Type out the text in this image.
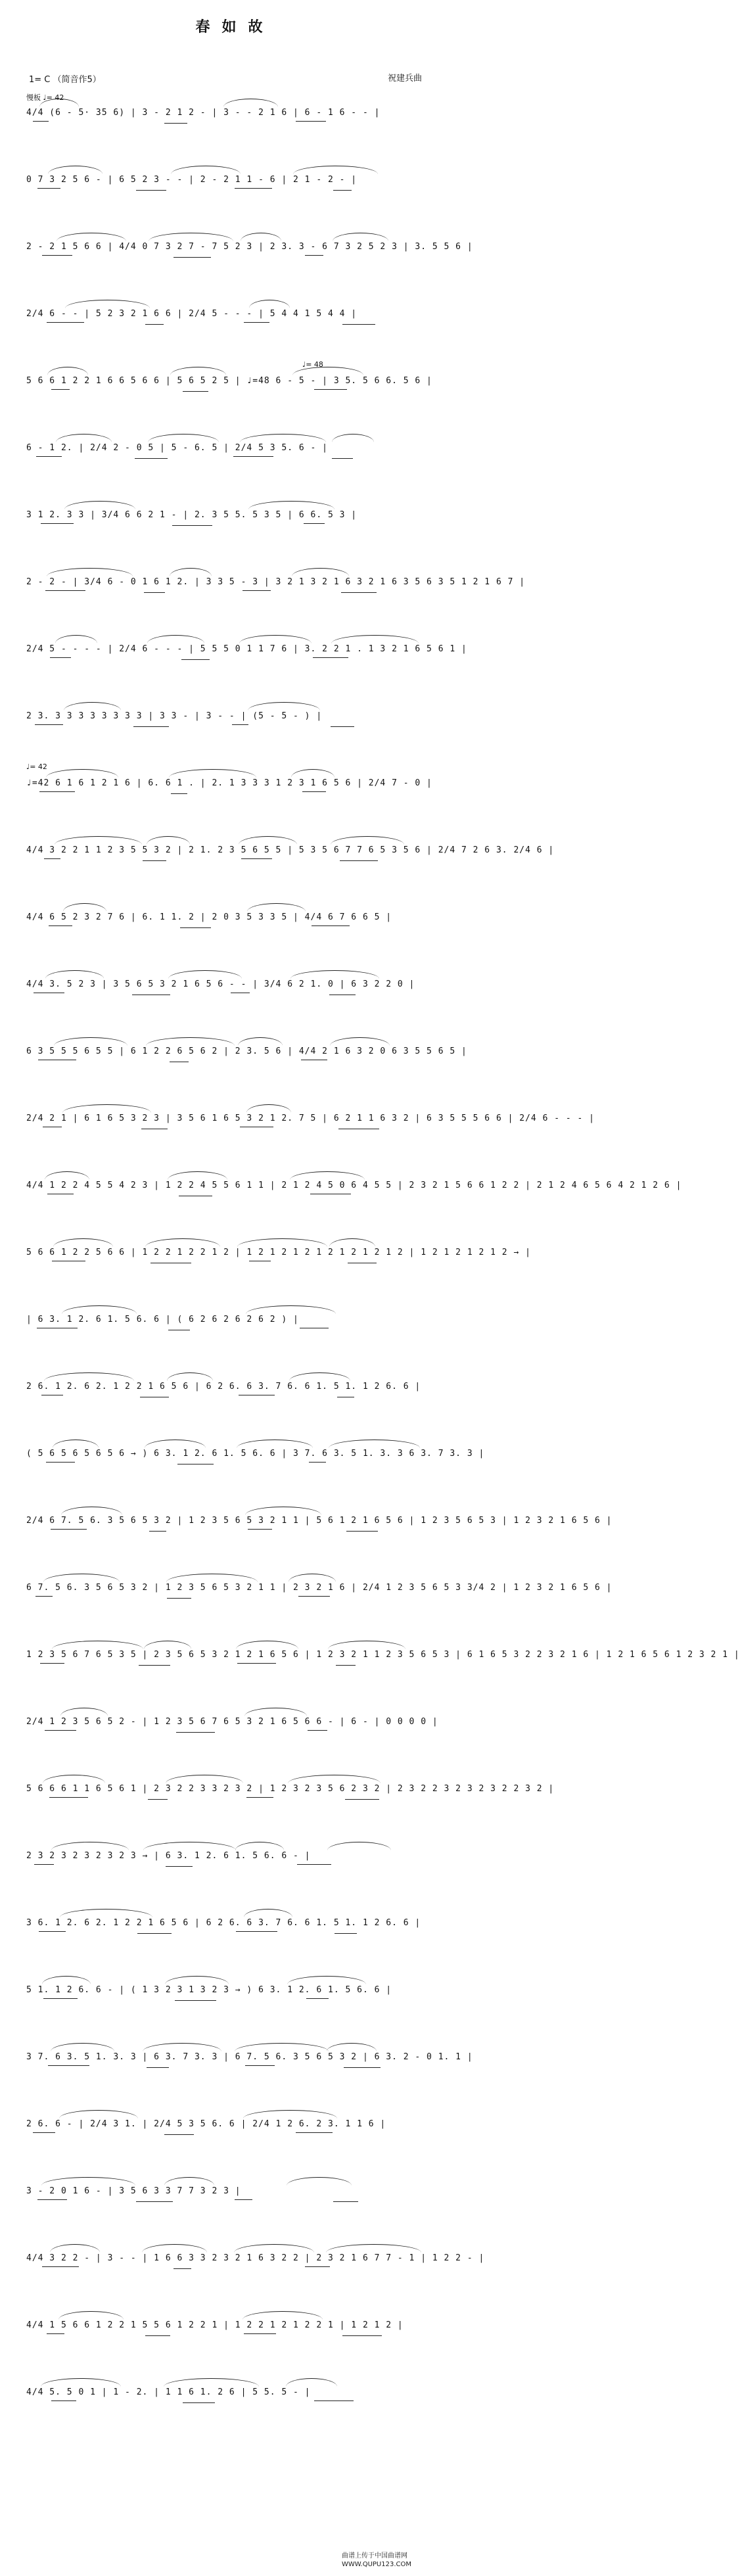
春如故
1= C （简音作5）	祝建兵曲
慢板 ♩= 42
4/4 (6 - 5· 35 6) | 3 - 2 1 2 - | 3 - - 2 1 6 | 6 - 1 6 - - |
0 7 3 2 5 6 - | 6 5 2 3 - - | 2 - 2 1 1 - 6 | 2 1 - 2 - |
2 - 2 1 5 6 6 | 4/4 0 7 3 2 7 - 7 5 2 3 | 2 3. 3 - 6 7 3 2 5 2 3 | 3. 5 5 6 |
2/4 6 - - | 5 2 3 2 1 6 6 | 2/4 5 - - - | 5 4 4 1 5 4 4 |
♩= 48
5 6 6 1 2 2 1 6 6 5 6 6 | 5 6 5 2 5 | ♩=48 6 - 5 - | 3 5. 5 6 6. 5 6 |
6 - 1 2. | 2/4 2 - 0 5 | 5 - 6. 5 | 2/4 5 3 5. 6 - |
3 1 2. 3 3 | 3/4 6 6 2 1 - | 2. 3 5 5. 5 3 5 | 6 6. 5 3 |
2 - 2 - | 3/4 6 - 0 1 6 1 2. | 3 3 5 - 3 | 3 2 1 3 2 1 6 3 2 1 6 3 5 6 3 5 1 2 1 6 7 |
2/4 5 - - - - | 2/4 6 - - - | 5 5 5 0 1 1 7 6 | 3. 2 2 1 . 1 3 2 1 6 5 6 1 |
2 3. 3 3 3 3 3 3 3 3 | 3 3 - | 3 - - | (5 - 5 - ) |
♩= 42
♩=42 6 1 6 1 2 1 6 | 6. 6 1 . | 2. 1 3 3 3 1 2 3 1 6 5 6 | 2/4 7 - 0 |
4/4 3 2 2 1 1 2 3 5 5 3 2 | 2 1. 2 3 5 6 5 5 | 5 3 5 6 7 7 6 5 3 5 6 | 2/4 7 2 6 3. 2/4 6 |
4/4 6 5 2 3 2 7 6 | 6. 1 1. 2 | 2 0 3 5 3 3 5 | 4/4 6 7 6 6 5 |
4/4 3. 5 2 3 | 3 5 6 5 3 2 1 6 5 6 - - | 3/4 6 2 1. 0 | 6 3 2 2 0 |
6 3 5 5 5 6 5 5 | 6 1 2 2 6 5 6 2 | 2 3. 5 6 | 4/4 2 1 6 3 2 0 6 3 5 5 6 5 |
2/4 2 1 | 6 1 6 5 3 2 3 | 3 5 6 1 6 5 3 2 1 2. 7 5 | 6 2 1 1 6 3 2 | 6 3 5 5 5 6 6 | 2/4 6 - - - |
4/4 1 2 2 4 5 5 4 2 3 | 1 2 2 4 5 5 6 1 1 | 2 1 2 4 5 0 6 4 5 5 | 2 3 2 1 5 6 6 1 2 2 | 2 1 2 4 6 5 6 4 2 1 2 6 |
5 6 6 1 2 2 5 6 6 | 1 2 2 1 2 2 1 2 | 1 2 1 2 1 2 1 2 1 2 1 2 1 2 | 1 2 1 2 1 2 1 2 → |
| 6 3. 1 2. 6 1. 5 6. 6 | ( 6 2 6 2 6 2 6 2 ) |
2 6. 1 2. 6 2. 1 2 2 1 6 5 6 | 6 2 6. 6 3. 7 6. 6 1. 5 1. 1 2 6. 6 |
( 5 6 5 6 5 6 5 6 → ) 6 3. 1 2. 6 1. 5 6. 6 | 3 7. 6 3. 5 1. 3. 3 6 3. 7 3. 3 |
2/4 6 7. 5 6. 3 5 6 5 3 2 | 1 2 3 5 6 5 3 2 1 1 | 5 6 1 2 1 6 5 6 | 1 2 3 5 6 5 3 | 1 2 3 2 1 6 5 6 |
6 7. 5 6. 3 5 6 5 3 2 | 1 2 3 5 6 5 3 2 1 1 | 2 3 2 1 6 | 2/4 1 2 3 5 6 5 3 3/4 2 | 1 2 3 2 1 6 5 6 |
1 2 3 5 6 7 6 5 3 5 | 2 3 5 6 5 3 2 1 2 1 6 5 6 | 1 2 3 2 1 1 2 3 5 6 5 3 | 6 1 6 5 3 2 2 3 2 1 6 | 1 2 1 6 5 6 1 2 3 2 1 |
2/4 1 2 3 5 6 5 2 - | 1 2 3 5 6 7 6 5 3 2 1 6 5 6 6 - | 6 - | 0 0 0 0 |
5 6 6 6 1 1 6 5 6 1 | 2 3 2 2 3 3 2 3 2 | 1 2 3 2 3 5 6 2 3 2 | 2 3 2 2 3 2 3 2 3 2 2 3 2 |
2 3 2 3 2 3 2 3 2 3 → | 6 3. 1 2. 6 1. 5 6. 6 - |
3 6. 1 2. 6 2. 1 2 2 1 6 5 6 | 6 2 6. 6 3. 7 6. 6 1. 5 1. 1 2 6. 6 |
5 1. 1 2 6. 6 - | ( 1 3 2 3 1 3 2 3 → ) 6 3. 1 2. 6 1. 5 6. 6 |
3 7. 6 3. 5 1. 3. 3 | 6 3. 7 3. 3 | 6 7. 5 6. 3 5 6 5 3 2 | 6 3. 2 - 0 1. 1 |
2 6. 6 - | 2/4 3 1. | 2/4 5 3 5 6. 6 | 2/4 1 2 6. 2 3. 1 1 6 |
3 - 2 0 1 6 - | 3 5 6 3 3 7 7 3 2 3 |
4/4 3 2 2 - | 3 - - | 1 6 6 3 3 2 3 2 1 6 3 2 2 | 2 3 2 1 6 7 7 - 1 | 1 2 2 - |
4/4 1 5 6 6 1 2 2 1 5 5 6 1 2 2 1 | 1 2 2 1 2 1 2 2 1 | 1 2 1 2 |
4/4 5. 5 0 1 | 1 - 2. | 1 1 6 1. 2 6 | 5 5. 5 - |
曲谱上传于中国曲谱网
WWW.QUPU123.COM
